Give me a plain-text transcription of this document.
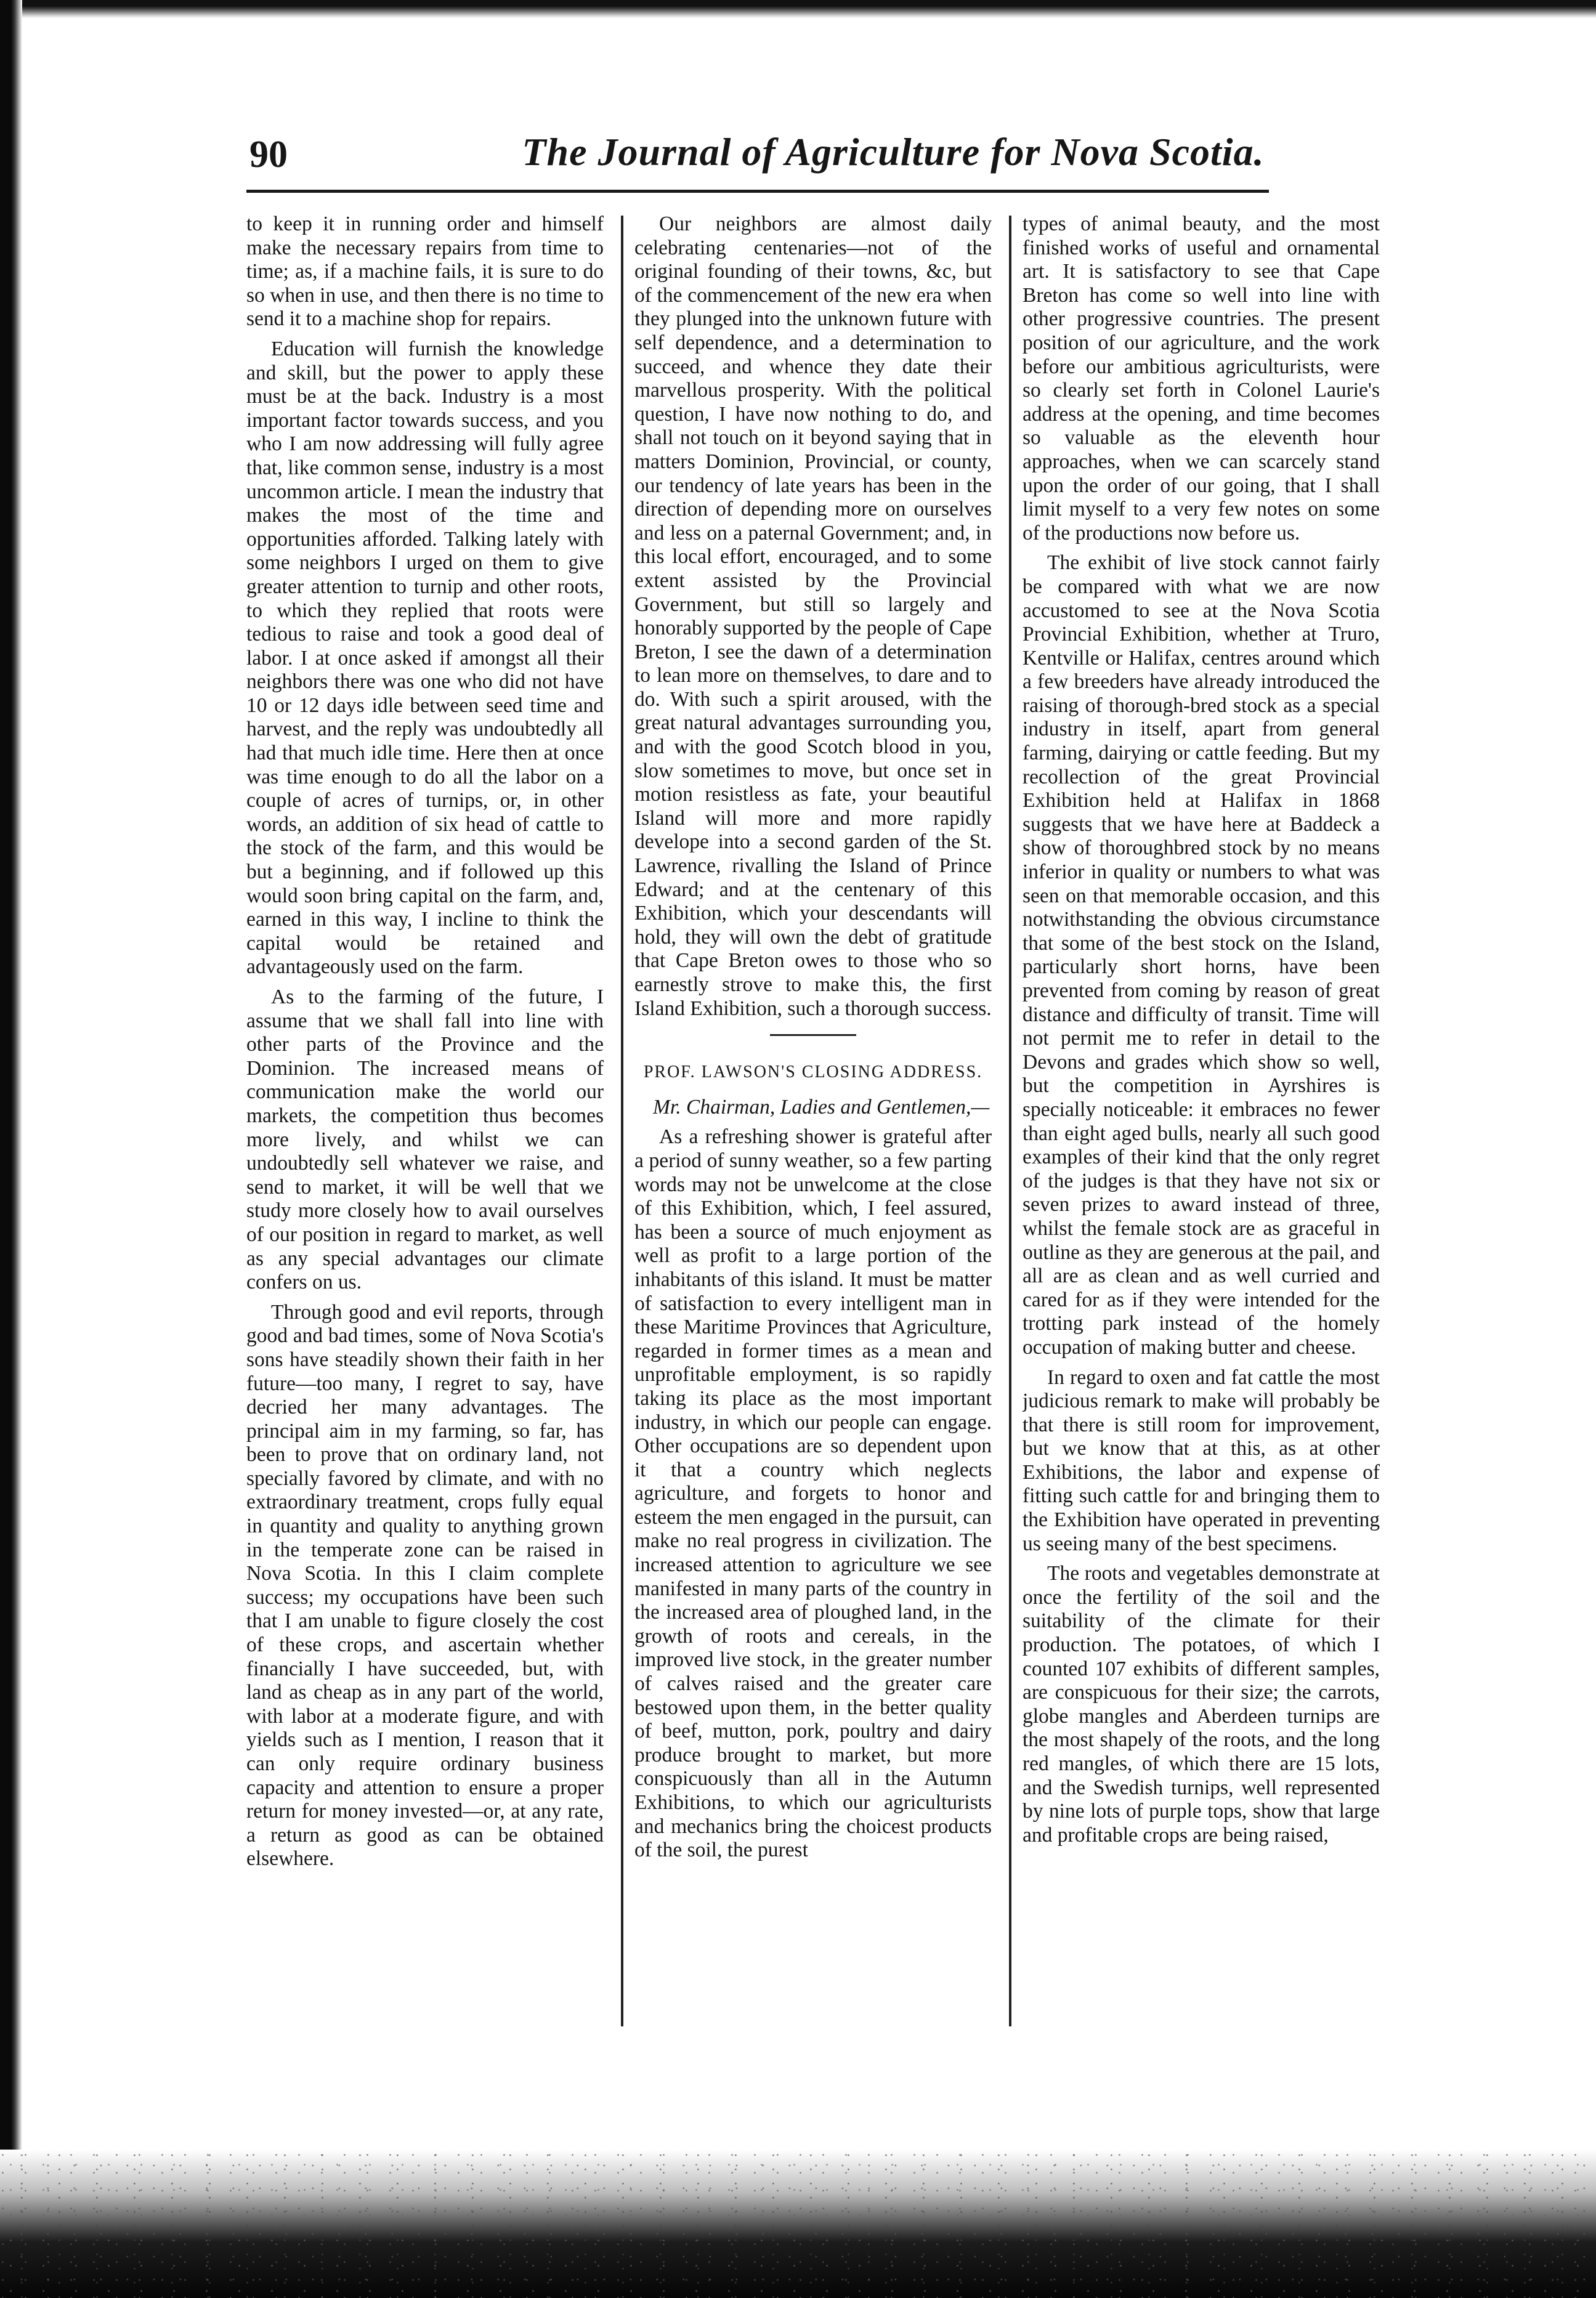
90	The Journal of Agriculture for Nova Scotia.

to keep it in running order and himself make the necessary repairs from time to time; as, if a machine fails, it is sure to do so when in use, and then there is no time to send it to a machine shop for repairs.

Education will furnish the knowledge and skill, but the power to apply these must be at the back. Industry is a most important factor towards success, and you who I am now addressing will fully agree that, like common sense, industry is a most uncommon article. I mean the industry that makes the most of the time and opportunities afforded. Talking lately with some neighbors I urged on them to give greater attention to turnip and other roots, to which they replied that roots were tedious to raise and took a good deal of labor. I at once asked if amongst all their neighbors there was one who did not have 10 or 12 days idle between seed time and harvest, and the reply was undoubtedly all had that much idle time. Here then at once was time enough to do all the labor on a couple of acres of turnips, or, in other words, an addition of six head of cattle to the stock of the farm, and this would be but a beginning, and if followed up this would soon bring capital on the farm, and, earned in this way, I incline to think the capital would be retained and advantageously used on the farm.

As to the farming of the future, I assume that we shall fall into line with other parts of the Province and the Dominion. The increased means of communication make the world our markets, the competition thus becomes more lively, and whilst we can undoubtedly sell whatever we raise, and send to market, it will be well that we study more closely how to avail ourselves of our position in regard to market, as well as any special advantages our climate confers on us.

Through good and evil reports, through good and bad times, some of Nova Scotia's sons have steadily shown their faith in her future—too many, I regret to say, have decried her many advantages. The principal aim in my farming, so far, has been to prove that on ordinary land, not specially favored by climate, and with no extraordinary treatment, crops fully equal in quantity and quality to anything grown in the temperate zone can be raised in Nova Scotia. In this I claim complete success; my occupations have been such that I am unable to figure closely the cost of these crops, and ascertain whether financially I have succeeded, but, with land as cheap as in any part of the world, with labor at a moderate figure, and with yields such as I mention, I reason that it can only require ordinary business capacity and attention to ensure a proper return for money invested—or, at any rate, a return as good as can be obtained elsewhere.

Our neighbors are almost daily celebrating centenaries—not of the original founding of their towns, &c, but of the commencement of the new era when they plunged into the unknown future with self dependence, and a determination to succeed, and whence they date their marvellous prosperity. With the political question, I have now nothing to do, and shall not touch on it beyond saying that in matters Dominion, Provincial, or county, our tendency of late years has been in the direction of depending more on ourselves and less on a paternal Government; and, in this local effort, encouraged, and to some extent assisted by the Provincial Government, but still so largely and honorably supported by the people of Cape Breton, I see the dawn of a determination to lean more on themselves, to dare and to do. With such a spirit aroused, with the great natural advantages surrounding you, and with the good Scotch blood in you, slow sometimes to move, but once set in motion resistless as fate, your beautiful Island will more and more rapidly develope into a second garden of the St. Lawrence, rivalling the Island of Prince Edward; and at the centenary of this Exhibition, which your descendants will hold, they will own the debt of gratitude that Cape Breton owes to those who so earnestly strove to make this, the first Island Exhibition, such a thorough success.

PROF. LAWSON'S CLOSING ADDRESS.
Mr. Chairman, Ladies and Gentlemen,—

As a refreshing shower is grateful after a period of sunny weather, so a few parting words may not be unwelcome at the close of this Exhibition, which, I feel assured, has been a source of much enjoyment as well as profit to a large portion of the inhabitants of this island. It must be matter of satisfaction to every intelligent man in these Maritime Provinces that Agriculture, regarded in former times as a mean and unprofitable employment, is so rapidly taking its place as the most important industry, in which our people can engage. Other occupations are so dependent upon it that a country which neglects agriculture, and forgets to honor and esteem the men engaged in the pursuit, can make no real progress in civilization. The increased attention to agriculture we see manifested in many parts of the country in the increased area of ploughed land, in the growth of roots and cereals, in the improved live stock, in the greater number of calves raised and the greater care bestowed upon them, in the better quality of beef, mutton, pork, poultry and dairy produce brought to market, but more conspicuously than all in the Autumn Exhibitions, to which our agriculturists and mechanics bring the choicest products of the soil, the purest

types of animal beauty, and the most finished works of useful and ornamental art. It is satisfactory to see that Cape Breton has come so well into line with other progressive countries. The present position of our agriculture, and the work before our ambitious agriculturists, were so clearly set forth in Colonel Laurie's address at the opening, and time becomes so valuable as the eleventh hour approaches, when we can scarcely stand upon the order of our going, that I shall limit myself to a very few notes on some of the productions now before us.

The exhibit of live stock cannot fairly be compared with what we are now accustomed to see at the Nova Scotia Provincial Exhibition, whether at Truro, Kentville or Halifax, centres around which a few breeders have already introduced the raising of thorough-bred stock as a special industry in itself, apart from general farming, dairying or cattle feeding. But my recollection of the great Provincial Exhibition held at Halifax in 1868 suggests that we have here at Baddeck a show of thoroughbred stock by no means inferior in quality or numbers to what was seen on that memorable occasion, and this notwithstanding the obvious circumstance that some of the best stock on the Island, particularly short horns, have been prevented from coming by reason of great distance and difficulty of transit. Time will not permit me to refer in detail to the Devons and grades which show so well, but the competition in Ayrshires is specially noticeable: it embraces no fewer than eight aged bulls, nearly all such good examples of their kind that the only regret of the judges is that they have not six or seven prizes to award instead of three, whilst the female stock are as graceful in outline as they are generous at the pail, and all are as clean and as well curried and cared for as if they were intended for the trotting park instead of the homely occupation of making butter and cheese.

In regard to oxen and fat cattle the most judicious remark to make will probably be that there is still room for improvement, but we know that at this, as at other Exhibitions, the labor and expense of fitting such cattle for and bringing them to the Exhibition have operated in preventing us seeing many of the best specimens.

The roots and vegetables demonstrate at once the fertility of the soil and the suitability of the climate for their production. The potatoes, of which I counted 107 exhibits of different samples, are conspicuous for their size; the carrots, globe mangles and Aberdeen turnips are the most shapely of the roots, and the long red mangles, of which there are 15 lots, and the Swedish turnips, well represented by nine lots of purple tops, show that large and profitable crops are being raised,
